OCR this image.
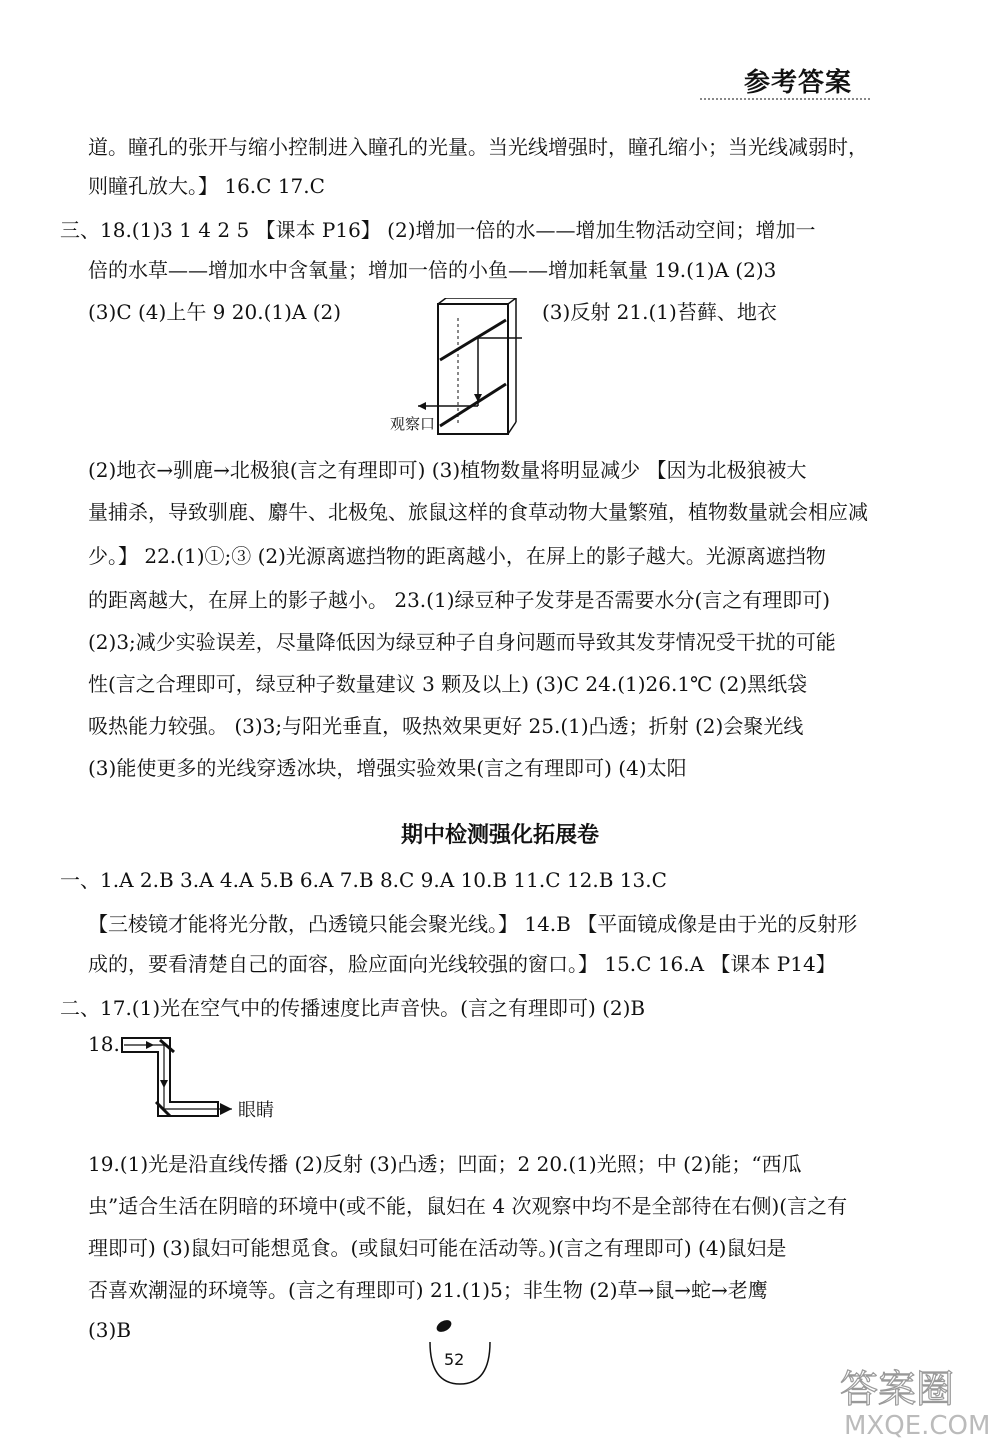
参考答案
道。瞳孔的张开与缩小控制进入瞳孔的光量。当光线增强时，瞳孔缩小；当光线减弱时，
则瞳孔放大。】 16.C 17.C
三、18.(1)3 1 4 2 5 【课本 P16】 (2)增加一倍的水——增加生物活动空间；增加一
倍的水草——增加水中含氧量；增加一倍的小鱼——增加耗氧量 19.(1)A (2)3
(3)C (4)上午 9 20.(1)A (2)	(3)反射 21.(1)苔藓、地衣
观察口
(2)地衣→驯鹿→北极狼(言之有理即可) (3)植物数量将明显减少 【因为北极狼被大
量捕杀，导致驯鹿、麝牛、北极兔、旅鼠这样的食草动物大量繁殖，植物数量就会相应减
少。】 22.(1)①;③ (2)光源离遮挡物的距离越小，在屏上的影子越大。光源离遮挡物
的距离越大，在屏上的影子越小。 23.(1)绿豆种子发芽是否需要水分(言之有理即可)
(2)3;减少实验误差，尽量降低因为绿豆种子自身问题而导致其发芽情况受干扰的可能
性(言之合理即可，绿豆种子数量建议 3 颗及以上) (3)C 24.(1)26.1℃ (2)黑纸袋
吸热能力较强。 (3)3;与阳光垂直，吸热效果更好 25.(1)凸透；折射 (2)会聚光线
(3)能使更多的光线穿透冰块，增强实验效果(言之有理即可) (4)太阳
期中检测强化拓展卷
一、1.A 2.B 3.A 4.A 5.B 6.A 7.B 8.C 9.A 10.B 11.C 12.B 13.C
【三棱镜才能将光分散，凸透镜只能会聚光线。】 14.B 【平面镜成像是由于光的反射形
成的，要看清楚自己的面容，脸应面向光线较强的窗口。】 15.C 16.A 【课本 P14】
二、17.(1)光在空气中的传播速度比声音快。(言之有理即可) (2)B
18.
眼睛
19.(1)光是沿直线传播 (2)反射 (3)凸透；凹面；2 20.(1)光照；中 (2)能；“西瓜
虫”适合生活在阴暗的环境中(或不能，鼠妇在 4 次观察中均不是全部待在右侧)(言之有
理即可) (3)鼠妇可能想觅食。(或鼠妇可能在活动等。)(言之有理即可) (4)鼠妇是
否喜欢潮湿的环境等。(言之有理即可) 21.(1)5；非生物 (2)草→鼠→蛇→老鹰
(3)B
52
答案圈
MXQE.COM
